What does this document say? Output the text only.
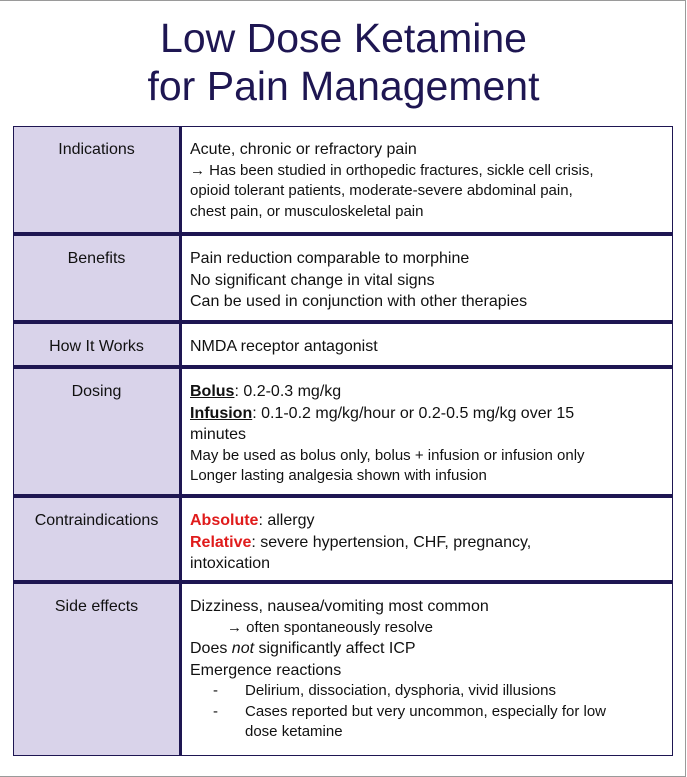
Low Dose Ketamine
for Pain Management
Indications	Acute, chronic or refractory pain
→ Has been studied in orthopedic fractures, sickle cell crisis,
opioid tolerant patients, moderate-severe abdominal pain,
chest pain, or musculoskeletal pain
Benefits	Pain reduction comparable to morphine
No significant change in vital signs
Can be used in conjunction with other therapies
How It Works	NMDA receptor antagonist
Dosing	Bolus: 0.2-0.3 mg/kg
Infusion: 0.1-0.2 mg/kg/hour or 0.2-0.5 mg/kg over 15
minutes
May be used as bolus only, bolus + infusion or infusion only
Longer lasting analgesia shown with infusion
Contraindications	Absolute: allergy
Relative: severe hypertension, CHF, pregnancy,
intoxication
Side effects	Dizziness, nausea/vomiting most common
→ often spontaneously resolve
Does not significantly affect ICP
Emergence reactions
- Delirium, dissociation, dysphoria, vivid illusions
- Cases reported but very uncommon, especially for low
dose ketamine
